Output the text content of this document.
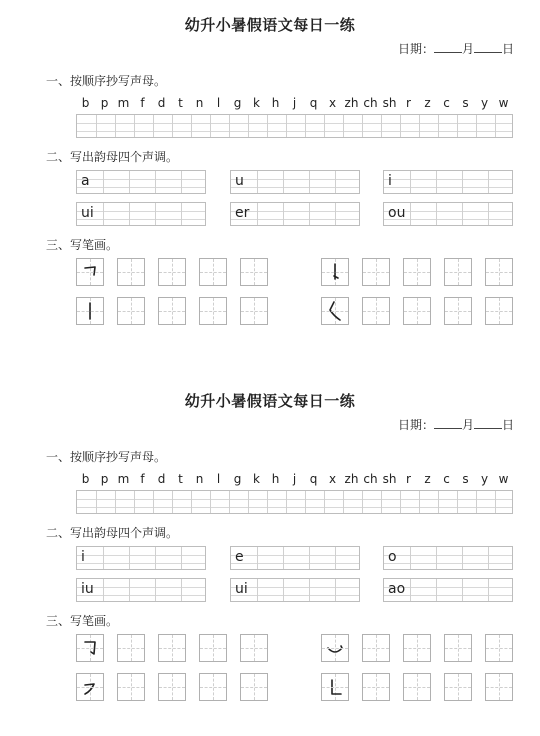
幼升小暑假语文每日一练
日期： 月 日
一、按顺序抄写声母。
b p m f	d	t	n	l	g k h	j	q x zh ch sh r	z	c	s	y w
二、写出韵母四个声调。
a	u	i
ui	er	ou
三、写笔画。
幼升小暑假语文每日一练
日期： 月 日
一、按顺序抄写声母。
b p m f	d	t	n	l	g k h	j	q x zh ch sh r	z	c	s	y w
二、写出韵母四个声调。
i	e	o
iu	ui	ao
三、写笔画。
